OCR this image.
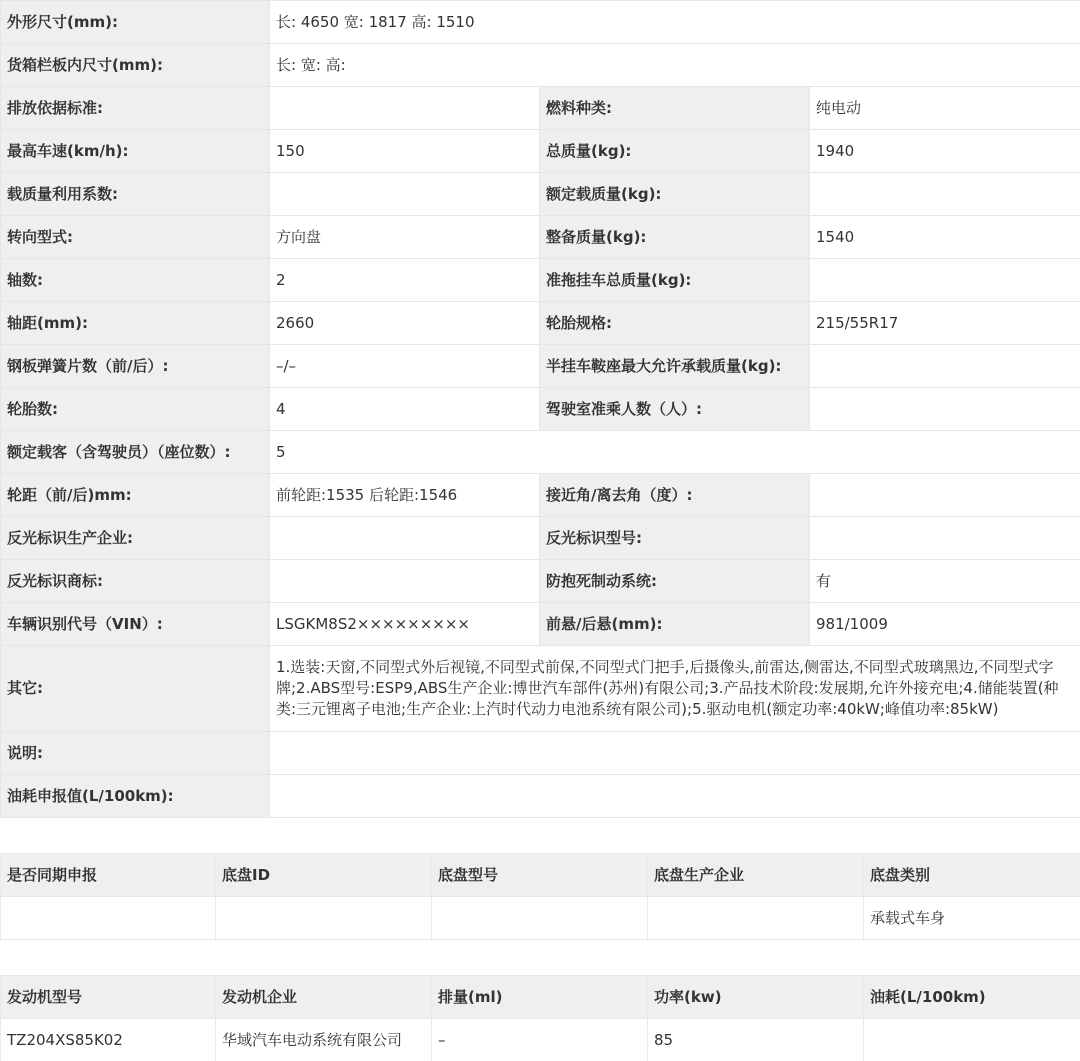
外形尺寸(mm):	长: 4650 宽: 1817 高: 1510		
货箱栏板内尺寸(mm):	长: 宽: 高:		
排放依据标准:		燃料种类:	纯电动
最高车速(km/h):	150	总质量(kg):	1940
载质量利用系数:		额定载质量(kg):	
转向型式:	方向盘	整备质量(kg):	1540
轴数:	2	准拖挂车总质量(kg):	
轴距(mm):	2660	轮胎规格:	215/55R17
钢板弹簧片数（前/后）:	–/–	半挂车鞍座最大允许承载质量(kg):	
轮胎数:	4	驾驶室准乘人数（人）:	
额定载客（含驾驶员）（座位数）:	5		
轮距（前/后)mm:	前轮距:1535 后轮距:1546	接近角/离去角（度）:	
反光标识生产企业:		反光标识型号:	
反光标识商标:		防抱死制动系统:	有
车辆识别代号（VIN）:	LSGKM8S2×××××××××	前悬/后悬(mm):	981/1009
其它:	1.选装:天窗,不同型式外后视镜,不同型式前保,不同型式门把手,后摄像头,前雷达,侧雷达,不同型式玻璃黑边,不同型式字牌;2.ABS型号:ESP9,ABS生产企业:博世汽车部件(苏州)有限公司;3.产品技术阶段:发展期,允许外接充电;4.储能装置(种类:三元锂离子电池;生产企业:上汽时代动力电池系统有限公司);5.驱动电机(额定功率:40kW;峰值功率:85kW)		
说明:			
油耗申报值(L/100km):			
是否同期申报	底盘ID	底盘型号	底盘生产企业	底盘类别
				承载式车身
发动机型号	发动机企业	排量(ml)	功率(kw)	油耗(L/100km)
TZ204XS85K02	华域汽车电动系统有限公司	–	85	
